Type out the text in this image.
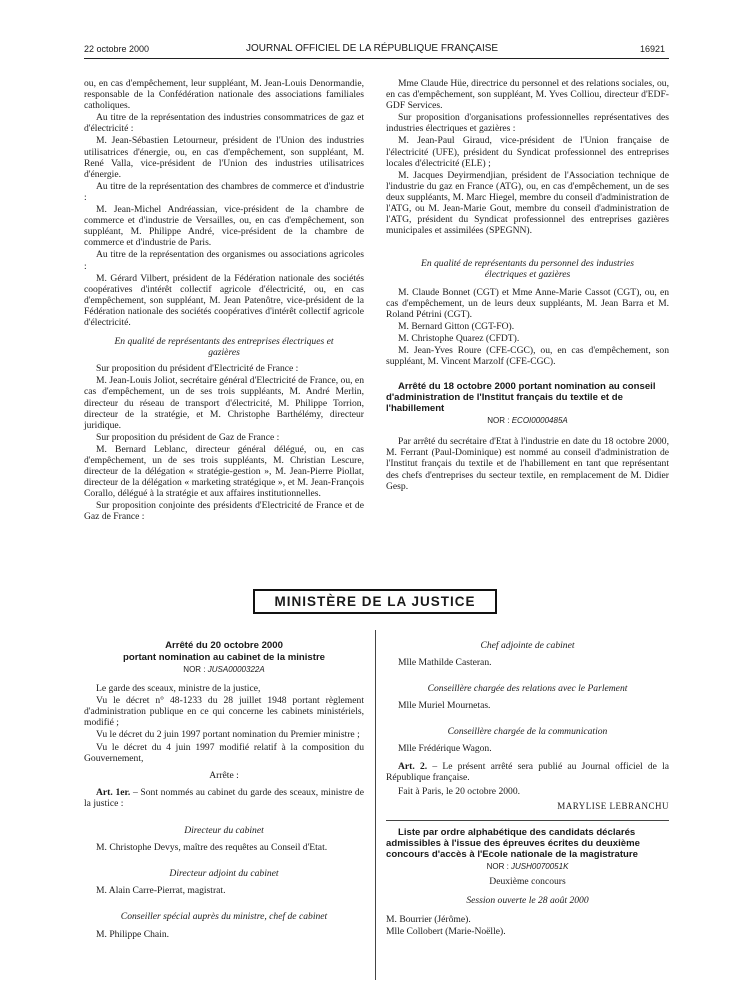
22 octobre 2000	JOURNAL OFFICIEL DE LA RÉPUBLIQUE FRANÇAISE	16921

ou, en cas d'empêchement, leur suppléant, M. Jean-Louis Denormandie, responsable de la Confédération nationale des associations familiales catholiques.

Au titre de la représentation des industries consommatrices de gaz et d'électricité :

M. Jean-Sébastien Letourneur, président de l'Union des industries utilisatrices d'énergie, ou, en cas d'empêchement, son suppléant, M. René Valla, vice-président de l'Union des industries utilisatrices d'énergie.

Au titre de la représentation des chambres de commerce et d'industrie :

M. Jean-Michel Andréassian, vice-président de la chambre de commerce et d'industrie de Versailles, ou, en cas d'empêchement, son suppléant, M. Philippe André, vice-président de la chambre de commerce et d'industrie de Paris.

Au titre de la représentation des organismes ou associations agricoles :

M. Gérard Vilbert, président de la Fédération nationale des sociétés coopératives d'intérêt collectif agricole d'électricité, ou, en cas d'empêchement, son suppléant, M. Jean Patenôtre, vice-président de la Fédération nationale des sociétés coopératives d'intérêt collectif agricole d'électricité.

En qualité de représentants des entreprises électriques et gazières

Sur proposition du président d'Electricité de France :

M. Jean-Louis Joliot, secrétaire général d'Electricité de France, ou, en cas d'empêchement, un de ses trois suppléants, M. André Merlin, directeur du réseau de transport d'électricité, M. Philippe Torrion, directeur de la stratégie, et M. Christophe Barthélémy, directeur juridique.

Sur proposition du président de Gaz de France :

M. Bernard Leblanc, directeur général délégué, ou, en cas d'empêchement, un de ses trois suppléants, M. Christian Lescure, directeur de la délégation « stratégie-gestion », M. Jean-Pierre Piollat, directeur de la délégation « marketing stratégique », et M. Jean-François Corallo, délégué à la stratégie et aux affaires institutionnelles.

Sur proposition conjointe des présidents d'Electricité de France et de Gaz de France :

Mme Claude Hüe, directrice du personnel et des relations sociales, ou, en cas d'empêchement, son suppléant, M. Yves Colliou, directeur d'EDF-GDF Services.

Sur proposition d'organisations professionnelles représentatives des industries électriques et gazières :

M. Jean-Paul Giraud, vice-président de l'Union française de l'électricité (UFE), président du Syndicat professionnel des entreprises locales d'électricité (ELE) ;

M. Jacques Deyirmendjian, président de l'Association technique de l'industrie du gaz en France (ATG), ou, en cas d'empêchement, un de ses deux suppléants, M. Marc Hiegel, membre du conseil d'administration de l'ATG, ou M. Jean-Marie Gout, membre du conseil d'administration de l'ATG, président du Syndicat professionnel des entreprises gazières municipales et assimilées (SPEGNN).

En qualité de représentants du personnel des industries électriques et gazières

M. Claude Bonnet (CGT) et Mme Anne-Marie Cassot (CGT), ou, en cas d'empêchement, un de leurs deux suppléants, M. Jean Barra et M. Roland Pétrini (CGT).

M. Bernard Gitton (CGT-FO).

M. Christophe Quarez (CFDT).

M. Jean-Yves Roure (CFE-CGC), ou, en cas d'empêchement, son suppléant, M. Vincent Marzolf (CFE-CGC).

Arrêté du 18 octobre 2000 portant nomination au conseil d'administration de l'Institut français du textile et de l'habillement

NOR : ECOI0000485A

Par arrêté du secrétaire d'Etat à l'industrie en date du 18 octobre 2000, M. Ferrant (Paul-Dominique) est nommé au conseil d'administration de l'Institut français du textile et de l'habillement en tant que représentant des chefs d'entreprises du secteur textile, en remplacement de M. Didier Gesp.

MINISTÈRE DE LA JUSTICE

Arrêté du 20 octobre 2000

portant nomination au cabinet de la ministre

NOR : JUSA0000322A

Le garde des sceaux, ministre de la justice,

Vu le décret n° 48-1233 du 28 juillet 1948 portant règlement d'administration publique en ce qui concerne les cabinets ministériels, modifié ;

Vu le décret du 2 juin 1997 portant nomination du Premier ministre ;

Vu le décret du 4 juin 1997 modifié relatif à la composition du Gouvernement,

Arrête :

Art. 1er. – Sont nommés au cabinet du garde des sceaux, ministre de la justice :

Directeur du cabinet

M. Christophe Devys, maître des requêtes au Conseil d'Etat.

Directeur adjoint du cabinet

M. Alain Carre-Pierrat, magistrat.

Conseiller spécial auprès du ministre, chef de cabinet

M. Philippe Chain.

Chef adjointe de cabinet

Mlle Mathilde Casteran.

Conseillère chargée des relations avec le Parlement

Mlle Muriel Mournetas.

Conseillère chargée de la communication

Mlle Frédérique Wagon.

Art. 2. – Le présent arrêté sera publié au Journal officiel de la République française.

Fait à Paris, le 20 octobre 2000.

MARYLISE LEBRANCHU

Liste par ordre alphabétique des candidats déclarés admissibles à l'issue des épreuves écrites du deuxième concours d'accès à l'Ecole nationale de la magistrature

NOR : JUSH0070051K

Deuxième concours

Session ouverte le 28 août 2000

M. Bourrier (Jérôme).

Mlle Collobert (Marie-Noëlle).
